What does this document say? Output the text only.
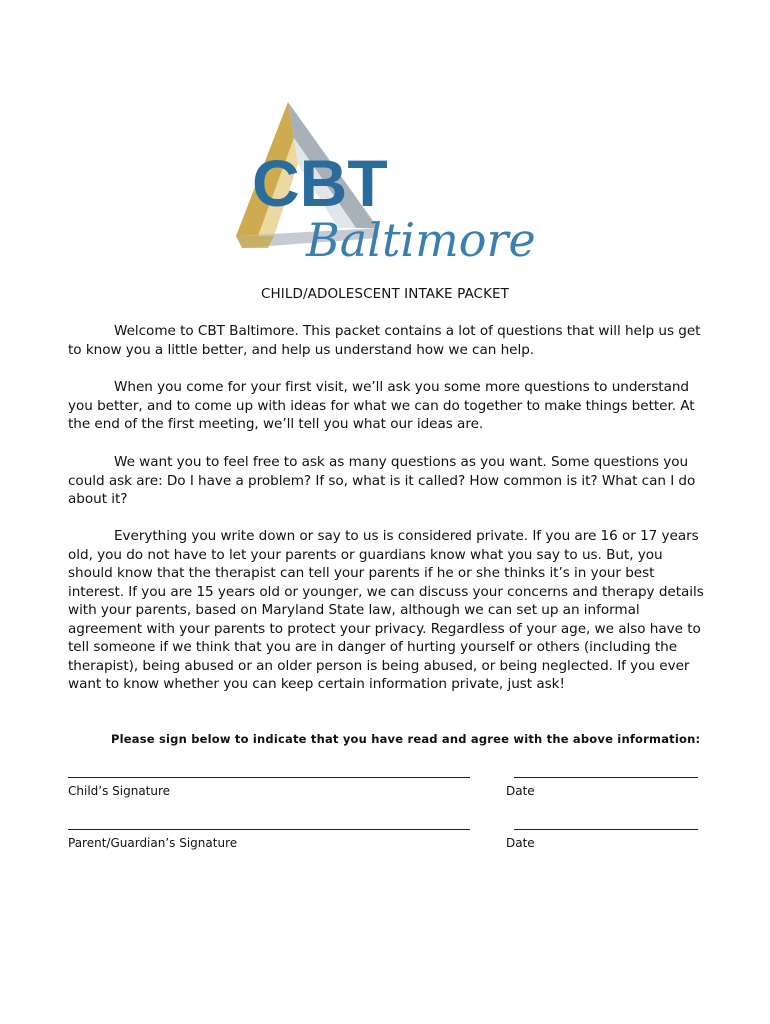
CBT
Baltimore
CHILD/ADOLESCENT INTAKE PACKET

Welcome to CBT Baltimore. This packet contains a lot of questions that will help us get to know you a little better, and help us understand how we can help.

When you come for your first visit, we’ll ask you some more questions to understand you better, and to come up with ideas for what we can do together to make things better. At the end of the first meeting, we’ll tell you what our ideas are.

We want you to feel free to ask as many questions as you want. Some questions you could ask are: Do I have a problem? If so, what is it called? How common is it? What can I do about it?

Everything you write down or say to us is considered private. If you are 16 or 17 years old, you do not have to let your parents or guardians know what you say to us. But, you should know that the therapist can tell your parents if he or she thinks it’s in your best interest. If you are 15 years old or younger, we can discuss your concerns and therapy details with your parents, based on Maryland State law, although we can set up an informal agreement with your parents to protect your privacy. Regardless of your age, we also have to tell someone if we think that you are in danger of hurting yourself or others (including the therapist), being abused or an older person is being abused, or being neglected. If you ever want to know whether you can keep certain information private, just ask!

Please sign below to indicate that you have read and agree with the above information:
Child’s Signature	Date
Parent/Guardian’s Signature	Date
